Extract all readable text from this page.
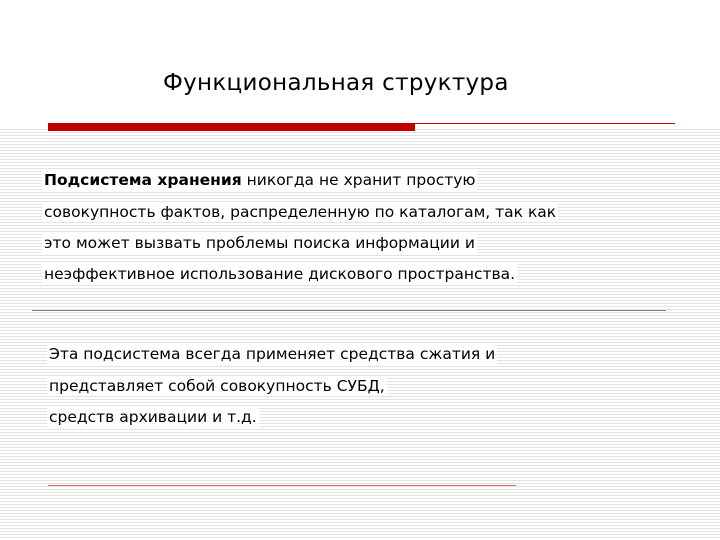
Функциональная структура
Подсистема хранения никогда не хранит простую
совокупность фактов, распределенную по каталогам, так как
это может вызвать проблемы поиска информации и
неэффективное использование дискового пространства.
Эта подсистема всегда применяет средства сжатия и
представляет собой совокупность СУБД,
средств архивации и т.д.
